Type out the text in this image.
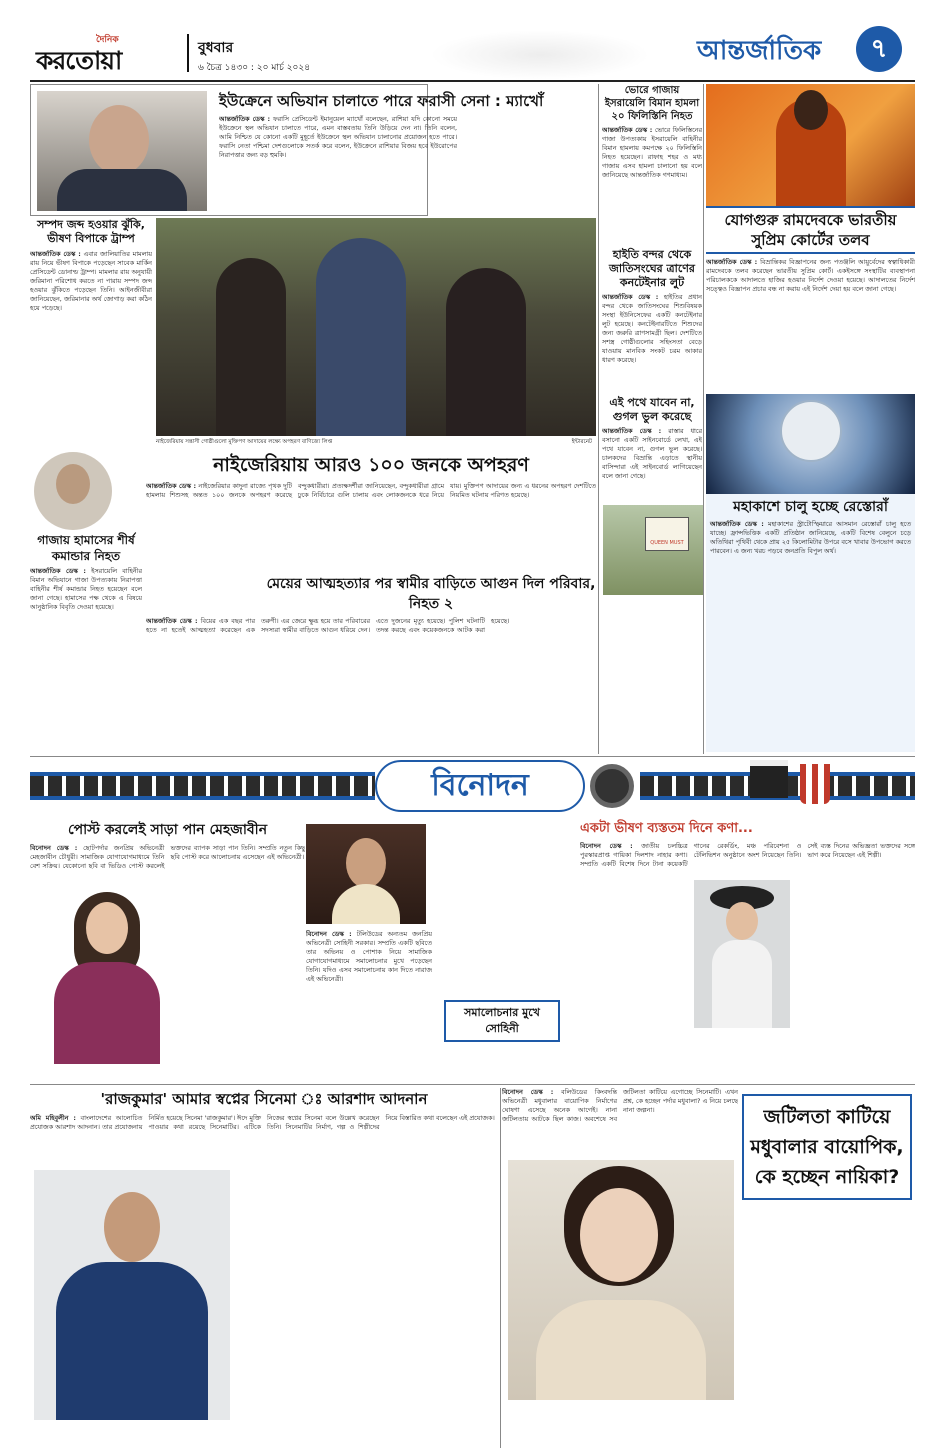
দৈনিক
করতোয়া	বুধবার
৬ চৈত্র ১৪৩০ : ২০ মার্চ ২০২৪
আন্তর্জাতিক	৭
ইউক্রেনে অভিযান চালাতে পারে ফরাসী সেনা : ম্যাখোঁ
আন্তর্জাতিক ডেস্ক : ফরাসি প্রেসিডেন্ট ইমানুয়েল ম্যাখোঁ বলেছেন, রাশিয়া যদি কোনো সময়ে ইউক্রেনে স্থল অভিযান চালাতে পারে, এমন বাস্তবতায় তিনি উড়িয়ে দেন না। তিনি বলেন, আমি নিশ্চিত যে কোনো একটি মুহূর্তে ইউক্রেনে স্থল অভিযান চালানোর প্রয়োজন হতে পারে। ফরাসি নেতা পশ্চিমা দেশগুলোকে সতর্ক করে বলেন, ইউক্রেনে রাশিয়ার বিজয় হবে ইউরোপের নিরাপত্তার জন্য বড় হুমকি।
ভোরে গাজায়
ইসরায়েলি বিমান হামলা ২০ ফিলিস্তিনি নিহত
আন্তর্জাতিক ডেস্ক : ভোরে ফিলিস্তিনের গাজা উপত্যকায় ইসরায়েলি বাহিনীর বিমান হামলায় কমপক্ষে ২০ ফিলিস্তিনি নিহত হয়েছেন। রাফাহ শহর ও মধ্য গাজায় এসব হামলা চালানো হয় বলে জানিয়েছে আন্তর্জাতিক গণমাধ্যম।
যোগগুরু রামদেবকে ভারতীয় সুপ্রিম কোর্টের তলব
আন্তর্জাতিক ডেস্ক : বিভ্রান্তিকর বিজ্ঞাপনের জন্য পতঞ্জলি আয়ুর্বেদের স্বত্বাধিকারী রামদেবকে তলব করেছেন ভারতীয় সুপ্রিম কোর্ট। একইসঙ্গে সংস্থাটির ব্যবস্থাপনা পরিচালককে আদালতে হাজির হওয়ার নির্দেশ দেওয়া হয়েছে। আদালতের নির্দেশ সত্ত্বেও বিজ্ঞাপন প্রচার বন্ধ না করায় এই নির্দেশ দেয়া হয় বলে জানা গেছে।
সম্পদ জব্দ হওয়ার ঝুঁকি, ভীষণ বিপাকে ট্রাম্প
আন্তর্জাতিক ডেস্ক : এবার জালিয়াতির মামলায় রায় নিয়ে ভীষণ বিপাকে পড়েছেন সাবেক মার্কিন প্রেসিডেন্ট ডোনাল্ড ট্রাম্প। মামলার রায় অনুযায়ী জরিমানা পরিশোধ করতে না পারায় সম্পদ জব্দ হওয়ার ঝুঁকিতে পড়েছেন তিনি। আইনজীবীরা জানিয়েছেন, জরিমানার অর্থ জোগাড় করা কঠিন হয়ে পড়েছে।
নাইজেরিয়ায় সন্ত্রাসী গোষ্ঠীগুলো মুক্তিপণ আদায়ের লক্ষ্যে অপহরণ বাণিজ্যে লিপ্ত	ইন্টারনেট
হাইতি বন্দর থেকে জাতিসংঘের ত্রাণের কনটেইনার লুট
আন্তর্জাতিক ডেস্ক : হাইতির প্রধান বন্দর থেকে জাতিসংঘের শিশুবিষয়ক সংস্থা ইউনিসেফের একটি কনটেইনার লুট হয়েছে। কনটেইনারটিতে শিশুদের জন্য জরুরি ত্রাণসামগ্রী ছিল। দেশটিতে সশস্ত্র গোষ্ঠীগুলোর সহিংসতা বেড়ে যাওয়ায় মানবিক সংকট চরম আকার ধারণ করেছে।
এই পথে যাবেন না, গুগল ভুল করেছে
আন্তর্জাতিক ডেস্ক : রাস্তার ধারে বসানো একটি সাইনবোর্ডে লেখা, এই পথে যাবেন না, গুগল ভুল করেছে। চালকদের বিভ্রান্তি এড়াতে স্থানীয় বাসিন্দারা এই সাইনবোর্ড লাগিয়েছেন বলে জানা গেছে।
QUEEN MUST
মহাকাশে চালু হচ্ছে রেস্তোরাঁ
আন্তর্জাতিক ডেস্ক : মহাকাশের স্ট্রাটোস্ফিয়ারে আসমান রেস্তোরাঁ চালু হতে যাচ্ছে। ফ্রান্সভিত্তিক একটি প্রতিষ্ঠান জানিয়েছে, একটি বিশেষ বেলুনে চড়ে অতিথিরা পৃথিবী থেকে প্রায় ২৫ কিলোমিটার উপরে বসে খাবার উপভোগ করতে পারবেন। এ জন্য খরচ পড়বে জনপ্রতি বিপুল অর্থ।
গাজায় হামাসের শীর্ষ কমান্ডার নিহত
আন্তর্জাতিক ডেস্ক : ইসরায়েলি বাহিনীর বিমান অভিযানে গাজা উপত্যকায় নিরাপত্তা বাহিনীর শীর্ষ কমান্ডার নিহত হয়েছেন বলে জানা গেছে। হামাসের পক্ষ থেকে এ বিষয়ে আনুষ্ঠানিক বিবৃতি দেওয়া হয়েছে।
নাইজেরিয়ায় আরও ১০০ জনকে অপহরণ
আন্তর্জাতিক ডেস্ক : নাইজেরিয়ার কাদুনা রাজ্যে পৃথক দুটি হামলায় শিশুসহ অন্তত ১০০ জনকে অপহরণ করেছে বন্দুকধারীরা। প্রত্যক্ষদর্শীরা জানিয়েছেন, বন্দুকধারীরা গ্রামে ঢুকে নির্বিচারে গুলি চালায় এবং লোকজনকে ধরে নিয়ে যায়। মুক্তিপণ আদায়ের জন্য এ ধরনের অপহরণ দেশটিতে নিয়মিত ঘটনায় পরিণত হয়েছে।
মেয়ের আত্মহত্যার পর স্বামীর বাড়িতে আগুন দিল পরিবার, নিহত ২
আন্তর্জাতিক ডেস্ক : বিয়ের এক বছর পার হতে না হতেই আত্মহত্যা করেছেন এক তরুণী। এর জেরে ক্ষুব্ধ হয়ে তার পরিবারের সদস্যরা স্বামীর বাড়িতে আগুন ধরিয়ে দেন। এতে দুজনের মৃত্যু হয়েছে। পুলিশ ঘটনাটি তদন্ত করছে এবং কয়েকজনকে আটক করা হয়েছে।
বিনোদন
পোস্ট করলেই সাড়া পান মেহজাবীন
বিনোদন ডেস্ক : ছোটপর্দার জনপ্রিয় অভিনেত্রী মেহজাবীন চৌধুরী। সামাজিক যোগাযোগমাধ্যমে তিনি বেশ সক্রিয়। যেকোনো ছবি বা ভিডিও পোস্ট করলেই ভক্তদের ব্যাপক সাড়া পান তিনি। সম্প্রতি নতুন কিছু ছবি পোস্ট করে আলোচনায় এসেছেন এই অভিনেত্রী।
বিনোদন ডেস্ক : টলিউডের অন্যতম জনপ্রিয় অভিনেত্রী সোহিনী সরকার। সম্প্রতি একটি ছবিতে তার অভিনয় ও পোশাক নিয়ে সামাজিক যোগাযোগমাধ্যমে সমালোচনার মুখে পড়েছেন তিনি। যদিও এসব সমালোচনায় কান দিতে নারাজ এই অভিনেত্রী।
সমালোচনার মুখে সোহিনী
একটা ভীষণ ব্যস্ততম দিনে কণা...
বিনোদন ডেস্ক : জাতীয় চলচ্চিত্র পুরস্কারপ্রাপ্ত গায়িকা দিলশাদ নাহার কণা। সম্প্রতি একটি বিশেষ দিনে টানা কয়েকটি গানের রেকর্ডিং, মঞ্চ পরিবেশনা ও টেলিভিশন অনুষ্ঠানে অংশ নিয়েছেন তিনি। সেই ব্যস্ত দিনের অভিজ্ঞতা ভক্তদের সঙ্গে ভাগ করে নিয়েছেন এই শিল্পী।
'রাজকুমার' আমার স্বপ্নের সিনেমা ঃ আরশাদ আদনান
অমি মহিবুলীন : বাংলাদেশের আলোচিত প্রযোজক আরশাদ আদনান। তার প্রযোজনায় নির্মিত হয়েছে সিনেমা 'রাজকুমার'। ঈদে মুক্তি পাওয়ার কথা রয়েছে সিনেমাটির। এটিকে নিজের স্বপ্নের সিনেমা বলে উল্লেখ করেছেন তিনি। সিনেমাটির নির্মাণ, গল্প ও শিল্পীদের নিয়ে বিস্তারিত কথা বলেছেন এই প্রযোজক।
বিনোদন ডেস্ক : বলিউডের কিংবদন্তি অভিনেত্রী মধুবালার বায়োপিক নির্মাণের ঘোষণা এসেছে অনেক আগেই। নানা জটিলতায় আটকে ছিল কাজ। অবশেষে সব জটিলতা কাটিয়ে এগোচ্ছে সিনেমাটি। এখন প্রশ্ন, কে হচ্ছেন পর্দার মধুবালা? এ নিয়ে চলছে নানা জল্পনা।	জটিলতা কাটিয়ে মধুবালার বায়োপিক, কে হচ্ছেন নায়িকা?
